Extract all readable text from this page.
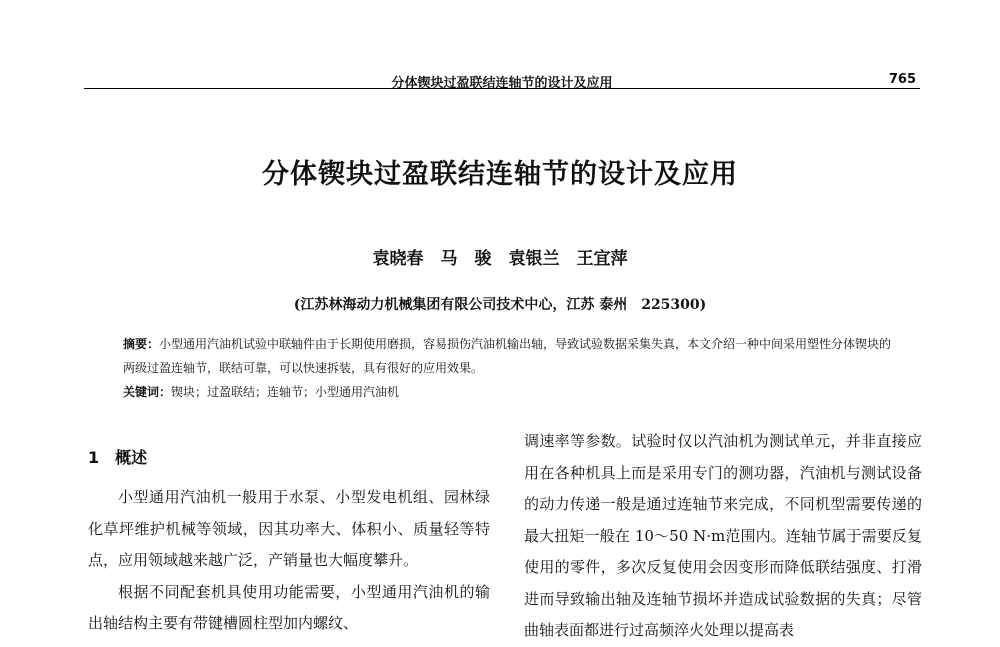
分体锲块过盈联结连轴节的设计及应用	765
分体锲块过盈联结连轴节的设计及应用
袁晓春　马　骏　袁银兰　王宜萍
(江苏林海动力机械集团有限公司技术中心，江苏 泰州　225300)
摘要：小型通用汽油机试验中联轴件由于长期使用磨损，容易损伤汽油机输出轴，导致试验数据采集失真，本文介绍一种中间采用塑性分体锲块的两级过盈连轴节，联结可靠，可以快速拆装，具有很好的应用效果。
关键词：锲块；过盈联结；连轴节；小型通用汽油机
1 概述

小型通用汽油机一般用于水泵、小型发电机组、园林绿化草坪维护机械等领域，因其功率大、体积小、质量轻等特点，应用领域越来越广泛，产销量也大幅度攀升。

根据不同配套机具使用功能需要，小型通用汽油机的输出轴结构主要有带键槽圆柱型加内螺纹、

调速率等参数。试验时仅以汽油机为测试单元，并非直接应用在各种机具上而是采用专门的测功器，汽油机与测试设备的动力传递一般是通过连轴节来完成，不同机型需要传递的最大扭矩一般在 10～50 N·m范围内。连轴节属于需要反复使用的零件，多次反复使用会因变形而降低联结强度、打滑进而导致输出轴及连轴节损坏并造成试验数据的失真；尽管曲轴表面都进行过高频淬火处理以提高表
